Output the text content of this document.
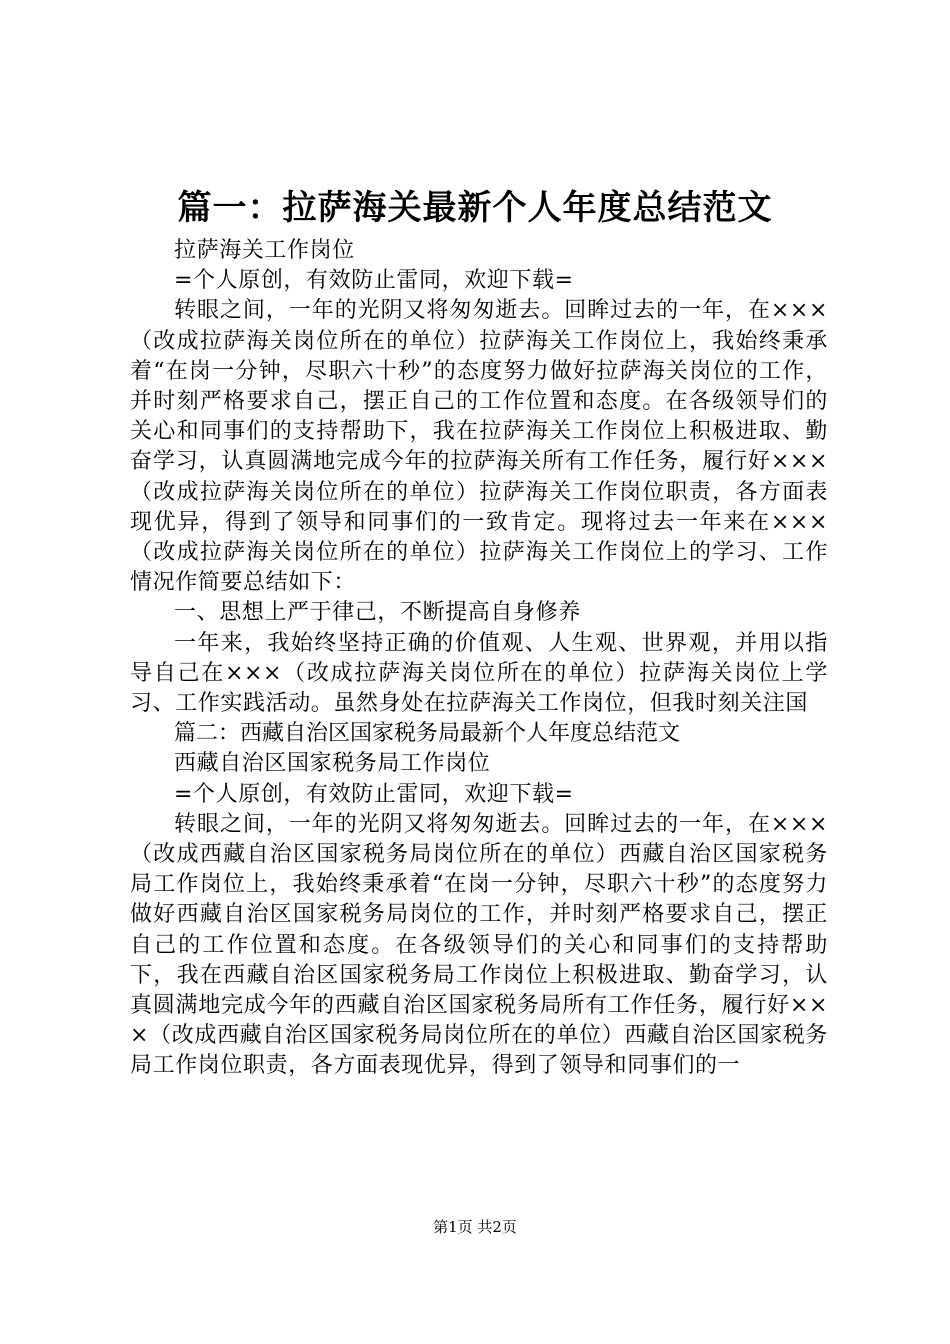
篇一：拉萨海关最新个人年度总结范文

拉萨海关工作岗位

=个人原创，有效防止雷同，欢迎下载=

转眼之间，一年的光阴又将匆匆逝去。回眸过去的一年，在×××（改成拉萨海关岗位所在的单位）拉萨海关工作岗位上，我始终秉承着“在岗一分钟，尽职六十秒”的态度努力做好拉萨海关岗位的工作，并时刻严格要求自己，摆正自己的工作位置和态度。在各级领导们的关心和同事们的支持帮助下，我在拉萨海关工作岗位上积极进取、勤奋学习，认真圆满地完成今年的拉萨海关所有工作任务，履行好×××（改成拉萨海关岗位所在的单位）拉萨海关工作岗位职责，各方面表现优异，得到了领导和同事们的一致肯定。现将过去一年来在×××（改成拉萨海关岗位所在的单位）拉萨海关工作岗位上的学习、工作情况作简要总结如下：

一、思想上严于律己，不断提高自身修养

一年来，我始终坚持正确的价值观、人生观、世界观，并用以指导自己在×××（改成拉萨海关岗位所在的单位）拉萨海关岗位上学习、工作实践活动。虽然身处在拉萨海关工作岗位，但我时刻关注国

篇二：西藏自治区国家税务局最新个人年度总结范文

西藏自治区国家税务局工作岗位

=个人原创，有效防止雷同，欢迎下载=

转眼之间，一年的光阴又将匆匆逝去。回眸过去的一年，在×××（改成西藏自治区国家税务局岗位所在的单位）西藏自治区国家税务局工作岗位上，我始终秉承着“在岗一分钟，尽职六十秒”的态度努力做好西藏自治区国家税务局岗位的工作，并时刻严格要求自己，摆正自己的工作位置和态度。在各级领导们的关心和同事们的支持帮助下，我在西藏自治区国家税务局工作岗位上积极进取、勤奋学习，认真圆满地完成今年的西藏自治区国家税务局所有工作任务，履行好×××（改成西藏自治区国家税务局岗位所在的单位）西藏自治区国家税务局工作岗位职责，各方面表现优异，得到了领导和同事们的一

第1页 共2页
